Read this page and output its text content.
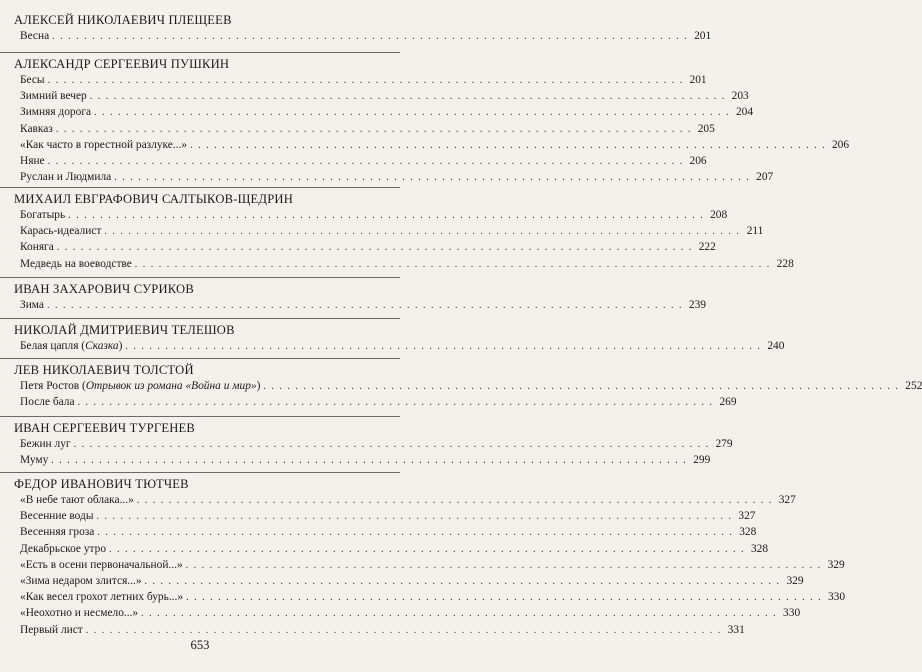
АЛЕКСЕЙ НИКОЛАЕВИЧ ПЛЕЩЕЕВ
Весна . . . . . . . . . . . . . . . . . . . . . . . . . . . . . . . . . . . . . . . . . . . . . . . . . . . . . . . . . . . . . . . . . . . . . . . . . . . . . . . . 201
АЛЕКСАНДР СЕРГЕЕВИЧ ПУШКИН
Бесы . . . . . . . . . . . . . . . . . . . . . . . . . . . . . . . . . . . . . . . . . . . . . . . . . . . . . . . . . . . . . . . . . . . . . . . . . . . . . . . . 201
Зимний вечер . . . . . . . . . . . . . . . . . . . . . . . . . . . . . . . . . . . . . . . . . . . . . . . . . . . . . . . . . . . . . . . . . . . . . . . . . . . . . . . . 203
Зимняя дорога . . . . . . . . . . . . . . . . . . . . . . . . . . . . . . . . . . . . . . . . . . . . . . . . . . . . . . . . . . . . . . . . . . . . . . . . . . . . . . . . 204
Кавказ . . . . . . . . . . . . . . . . . . . . . . . . . . . . . . . . . . . . . . . . . . . . . . . . . . . . . . . . . . . . . . . . . . . . . . . . . . . . . . . . 205
«Как часто в горестной разлуке...» . . . . . . . . . . . . . . . . . . . . . . . . . . . . . . . . . . . . . . . . . . . . . . . . . . . . . . . . . . . . . . . . . . . . . . . . . . . . . . . . 206
Няне . . . . . . . . . . . . . . . . . . . . . . . . . . . . . . . . . . . . . . . . . . . . . . . . . . . . . . . . . . . . . . . . . . . . . . . . . . . . . . . . 206
Руслан и Людмила . . . . . . . . . . . . . . . . . . . . . . . . . . . . . . . . . . . . . . . . . . . . . . . . . . . . . . . . . . . . . . . . . . . . . . . . . . . . . . . . 207
МИХАИЛ ЕВГРАФОВИЧ САЛТЫКОВ-ЩЕДРИН
Богатырь . . . . . . . . . . . . . . . . . . . . . . . . . . . . . . . . . . . . . . . . . . . . . . . . . . . . . . . . . . . . . . . . . . . . . . . . . . . . . . . . 208
Карась-идеалист . . . . . . . . . . . . . . . . . . . . . . . . . . . . . . . . . . . . . . . . . . . . . . . . . . . . . . . . . . . . . . . . . . . . . . . . . . . . . . . . 211
Коняга . . . . . . . . . . . . . . . . . . . . . . . . . . . . . . . . . . . . . . . . . . . . . . . . . . . . . . . . . . . . . . . . . . . . . . . . . . . . . . . . 222
Медведь на воеводстве . . . . . . . . . . . . . . . . . . . . . . . . . . . . . . . . . . . . . . . . . . . . . . . . . . . . . . . . . . . . . . . . . . . . . . . . . . . . . . . . 228
ИВАН ЗАХАРОВИЧ СУРИКОВ
Зима . . . . . . . . . . . . . . . . . . . . . . . . . . . . . . . . . . . . . . . . . . . . . . . . . . . . . . . . . . . . . . . . . . . . . . . . . . . . . . . . 239
НИКОЛАЙ ДМИТРИЕВИЧ ТЕЛЕШОВ
Белая цапля (Сказка) . . . . . . . . . . . . . . . . . . . . . . . . . . . . . . . . . . . . . . . . . . . . . . . . . . . . . . . . . . . . . . . . . . . . . . . . . . . . . . . . 240
ЛЕВ НИКОЛАЕВИЧ ТОЛСТОЙ
Петя Ростов (Отрывок из романа «Война и мир») . . . . . . . . . . . . . . . . . . . . . . . . . . . . . . . . . . . . . . . . . . . . . . . . . . . . . . . . . . . . . . . . . . . . . . . . . . . . . . . . 252
После бала . . . . . . . . . . . . . . . . . . . . . . . . . . . . . . . . . . . . . . . . . . . . . . . . . . . . . . . . . . . . . . . . . . . . . . . . . . . . . . . . 269
ИВАН СЕРГЕЕВИЧ ТУРГЕНЕВ
Бежин луг . . . . . . . . . . . . . . . . . . . . . . . . . . . . . . . . . . . . . . . . . . . . . . . . . . . . . . . . . . . . . . . . . . . . . . . . . . . . . . . . 279
Муму . . . . . . . . . . . . . . . . . . . . . . . . . . . . . . . . . . . . . . . . . . . . . . . . . . . . . . . . . . . . . . . . . . . . . . . . . . . . . . . . 299
ФЕДОР ИВАНОВИЧ ТЮТЧЕВ
«В небе тают облака...» . . . . . . . . . . . . . . . . . . . . . . . . . . . . . . . . . . . . . . . . . . . . . . . . . . . . . . . . . . . . . . . . . . . . . . . . . . . . . . . . 327
Весенние воды . . . . . . . . . . . . . . . . . . . . . . . . . . . . . . . . . . . . . . . . . . . . . . . . . . . . . . . . . . . . . . . . . . . . . . . . . . . . . . . . 327
Весенняя гроза . . . . . . . . . . . . . . . . . . . . . . . . . . . . . . . . . . . . . . . . . . . . . . . . . . . . . . . . . . . . . . . . . . . . . . . . . . . . . . . . 328
Декабрьское утро . . . . . . . . . . . . . . . . . . . . . . . . . . . . . . . . . . . . . . . . . . . . . . . . . . . . . . . . . . . . . . . . . . . . . . . . . . . . . . . . 328
«Есть в осени первоначальной...» . . . . . . . . . . . . . . . . . . . . . . . . . . . . . . . . . . . . . . . . . . . . . . . . . . . . . . . . . . . . . . . . . . . . . . . . . . . . . . . . 329
«Зима недаром злится...» . . . . . . . . . . . . . . . . . . . . . . . . . . . . . . . . . . . . . . . . . . . . . . . . . . . . . . . . . . . . . . . . . . . . . . . . . . . . . . . . 329
«Как весел грохот летних бурь...» . . . . . . . . . . . . . . . . . . . . . . . . . . . . . . . . . . . . . . . . . . . . . . . . . . . . . . . . . . . . . . . . . . . . . . . . . . . . . . . . 330
«Неохотно и несмело...» . . . . . . . . . . . . . . . . . . . . . . . . . . . . . . . . . . . . . . . . . . . . . . . . . . . . . . . . . . . . . . . . . . . . . . . . . . . . . . . . 330
Первый лист . . . . . . . . . . . . . . . . . . . . . . . . . . . . . . . . . . . . . . . . . . . . . . . . . . . . . . . . . . . . . . . . . . . . . . . . . . . . . . . . 331
653
